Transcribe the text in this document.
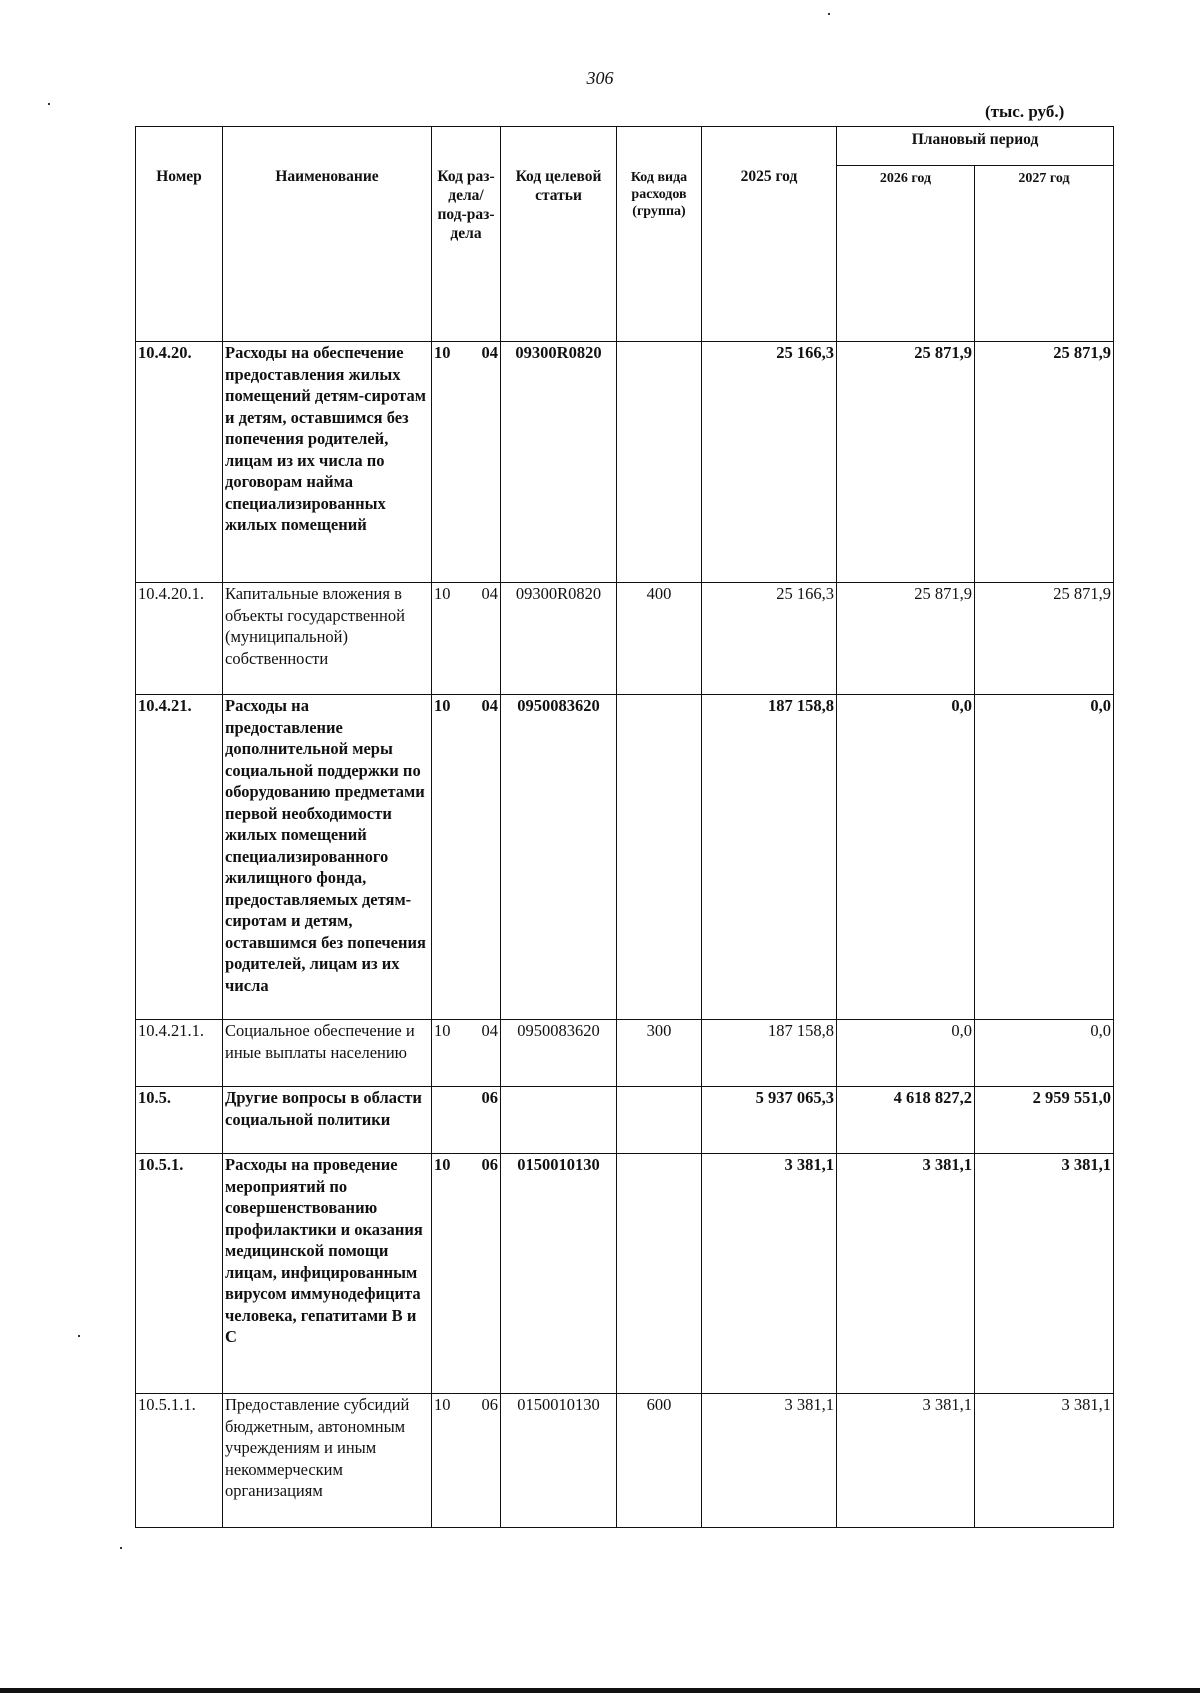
306
(тыс. руб.)
Номер	Наименование	Код раз-дела/ под-раз-дела	Код целевой статьи	Код вида расходов (группа)	2025 год	Плановый период	
						2026 год	2027 год
10.4.20.	Расходы на обеспечение предоставления жилых помещений детям-сиротам и детям, оставшимся без попечения родителей, лицам из их числа по договорам найма специализированных жилых помещений	10 04	09300R0820		25 166,3	25 871,9	25 871,9
10.4.20.1.	Капитальные вложения в объекты государственной (муниципальной) собственности	10 04	09300R0820	400	25 166,3	25 871,9	25 871,9
10.4.21.	Расходы на предоставление дополнительной меры социальной поддержки по оборудованию предметами первой необходимости жилых помещений специализированного жилищного фонда, предоставляемых детям-сиротам и детям, оставшимся без попечения родителей, лицам из их числа	10 04	0950083620		187 158,8	0,0	0,0
10.4.21.1.	Социальное обеспечение и иные выплаты населению	10 04	0950083620	300	187 158,8	0,0	0,0
10.5.	Другие вопросы в области социальной политики	06			5 937 065,3	4 618 827,2	2 959 551,0
10.5.1.	Расходы на проведение мероприятий по совершенствованию профилактики и оказания медицинской помощи лицам, инфицированным вирусом иммунодефицита человека, гепатитами В и С	10 06	0150010130		3 381,1	3 381,1	3 381,1
10.5.1.1.	Предоставление субсидий бюджетным, автономным учреждениям и иным некоммерческим организациям	10 06	0150010130	600	3 381,1	3 381,1	3 381,1
